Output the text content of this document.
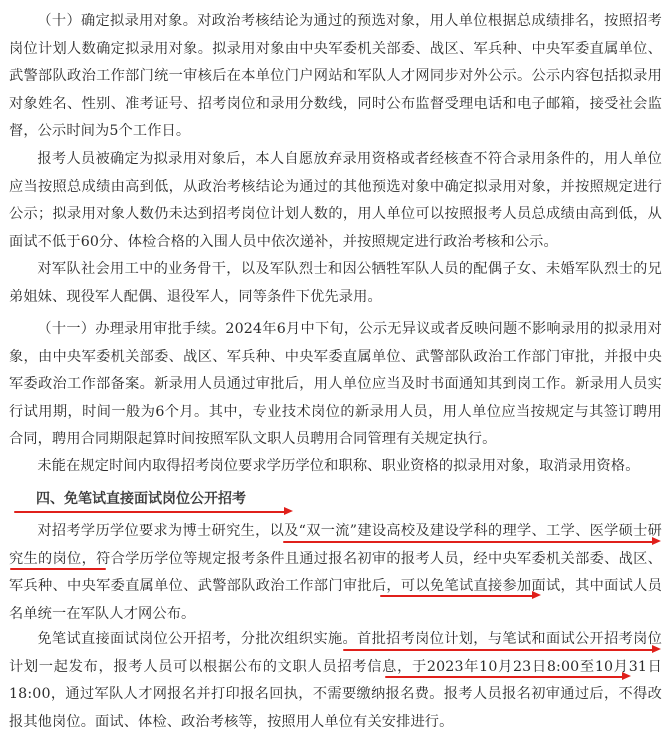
（十）确定拟录用对象。对政治考核结论为通过的预选对象，用人单位根据总成绩排名，按照招考岗位计划人数确定拟录用对象。拟录用对象由中央军委机关部委、战区、军兵种、中央军委直属单位、武警部队政治工作部门统一审核后在本单位门户网站和军队人才网同步对外公示。公示内容包括拟录用对象姓名、性别、准考证号、招考岗位和录用分数线，同时公布监督受理电话和电子邮箱，接受社会监督，公示时间为5个工作日。

报考人员被确定为拟录用对象后，本人自愿放弃录用资格或者经核查不符合录用条件的，用人单位应当按照总成绩由高到低，从政治考核结论为通过的其他预选对象中确定拟录用对象，并按照规定进行公示；拟录用对象人数仍未达到招考岗位计划人数的，用人单位可以按照报考人员总成绩由高到低，从面试不低于60分、体检合格的入围人员中依次递补，并按照规定进行政治考核和公示。

对军队社会用工中的业务骨干，以及军队烈士和因公牺牲军队人员的配偶子女、未婚军队烈士的兄弟姐妹、现役军人配偶、退役军人，同等条件下优先录用。

（十一）办理录用审批手续。2024年6月中下旬，公示无异议或者反映问题不影响录用的拟录用对象，由中央军委机关部委、战区、军兵种、中央军委直属单位、武警部队政治工作部门审批，并报中央军委政治工作部备案。新录用人员通过审批后，用人单位应当及时书面通知其到岗工作。新录用人员实行试用期，时间一般为6个月。其中，专业技术岗位的新录用人员，用人单位应当按规定与其签订聘用合同，聘用合同期限起算时间按照军队文职人员聘用合同管理有关规定执行。

未能在规定时间内取得招考岗位要求学历学位和职称、职业资格的拟录用对象，取消录用资格。

四、免笔试直接面试岗位公开招考

对招考学历学位要求为博士研究生，以及“双一流”建设高校及建设学科的理学、工学、医学硕士研究生的岗位，符合学历学位等规定报考条件且通过报名初审的报考人员，经中央军委机关部委、战区、军兵种、中央军委直属单位、武警部队政治工作部门审批后，可以免笔试直接参加面试，其中面试人员名单统一在军队人才网公布。

免笔试直接面试岗位公开招考，分批次组织实施。首批招考岗位计划，与笔试和面试公开招考岗位计划一起发布，报考人员可以根据公布的文职人员招考信息，于2023年10月23日8:00至10月31日18:00，通过军队人才网报名并打印报名回执，不需要缴纳报名费。报考人员报名初审通过后，不得改报其他岗位。面试、体检、政治考核等，按照用人单位有关安排进行。
